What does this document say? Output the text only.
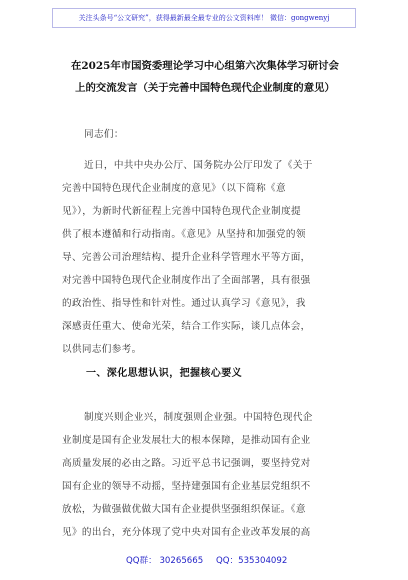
关注头条号“公文研究”，获得最新最全最专业的公文资料库！ 微信：gongwenyj
在2025年市国资委理论学习中心组第六次集体学习研讨会
上的交流发言（关于完善中国特色现代企业制度的意见）
同志们：
近日，中共中央办公厅、国务院办公厅印发了《关于
完善中国特色现代企业制度的意见》（以下简称《意
见》），为新时代新征程上完善中国特色现代企业制度提
供了根本遵循和行动指南。《意见》从坚持和加强党的领
导、完善公司治理结构、提升企业科学管理水平等方面，
对完善中国特色现代企业制度作出了全面部署，具有很强
的政治性、指导性和针对性。通过认真学习《意见》，我
深感责任重大、使命光荣，结合工作实际，谈几点体会，
以供同志们参考。
一、深化思想认识，把握核心要义
制度兴则企业兴，制度强则企业强。中国特色现代企
业制度是国有企业发展壮大的根本保障，是推动国有企业
高质量发展的必由之路。习近平总书记强调，要坚持党对
国有企业的领导不动摇，坚持建强国有企业基层党组织不
放松，为做强做优做大国有企业提供坚强组织保证。《意
见》的出台，充分体现了党中央对国有企业改革发展的高
QQ群： 30265665 QQ：535304092
